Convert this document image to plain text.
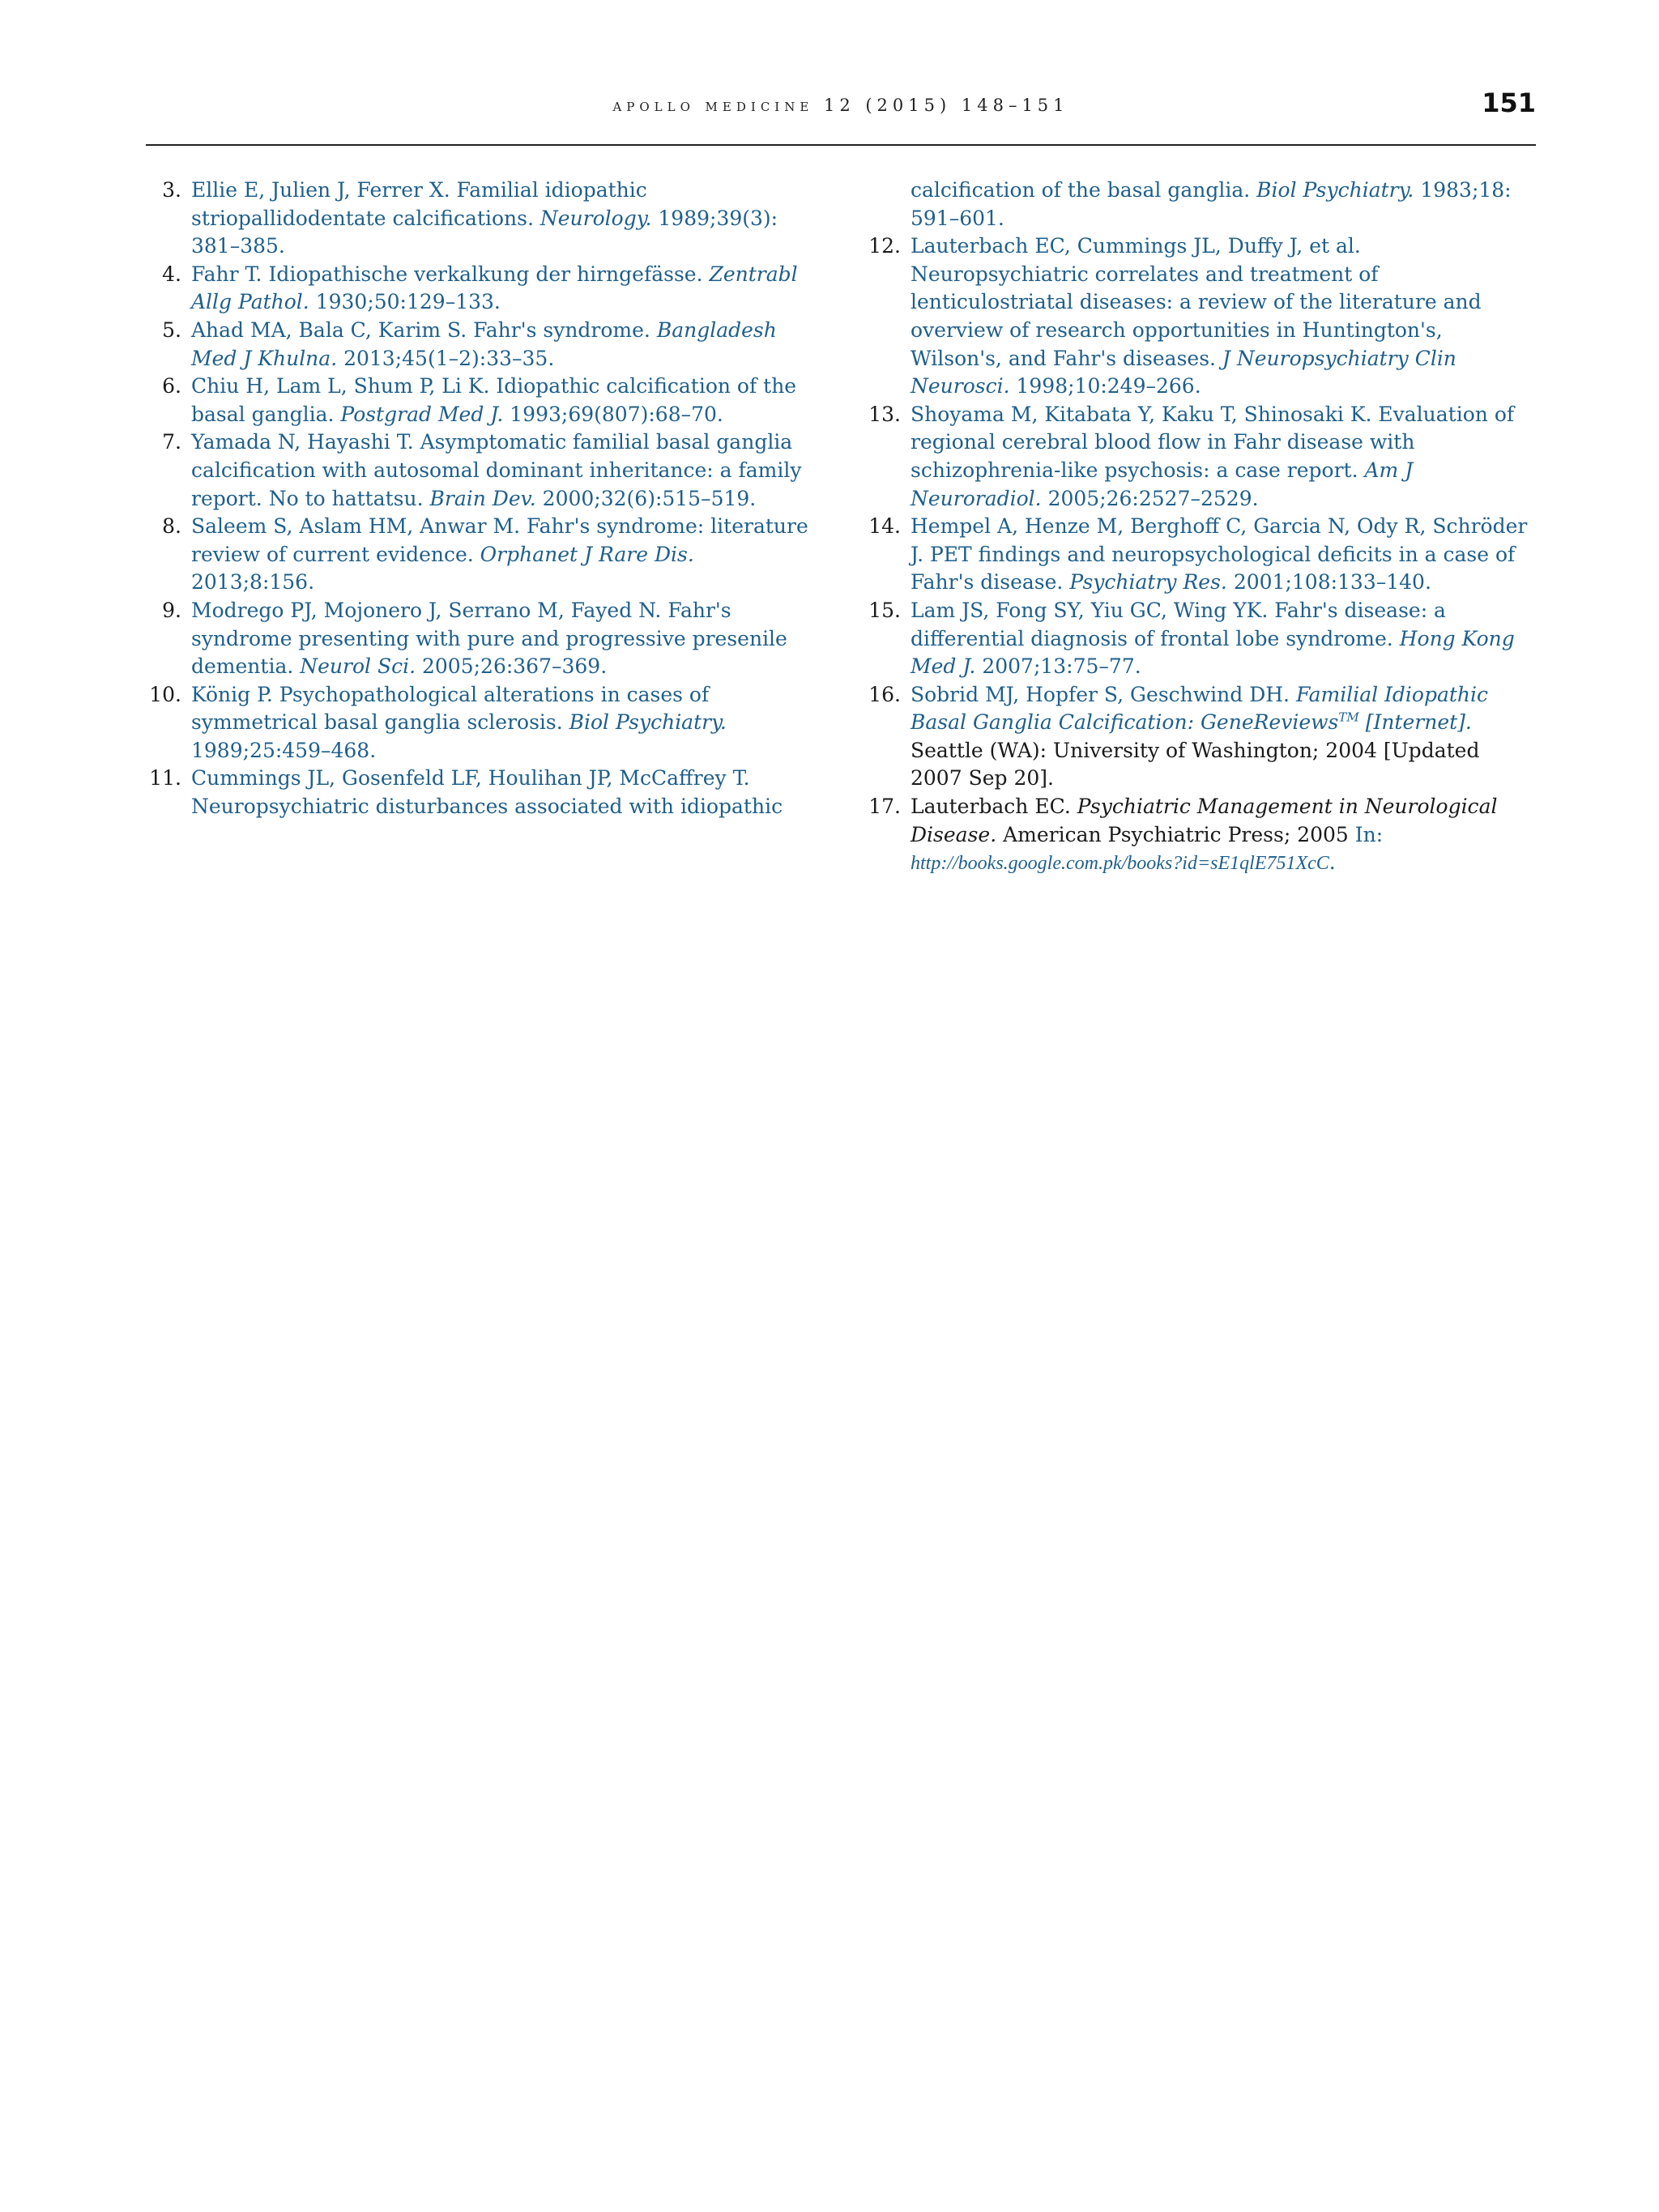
apollo medicine 12 (2015) 148–151	151
3. Ellie E, Julien J, Ferrer X. Familial idiopathic striopallidodentate calcifications. Neurology. 1989;39(3): 381–385.
4. Fahr T. Idiopathische verkalkung der hirngefässe. Zentrabl Allg Pathol. 1930;50:129–133.
5. Ahad MA, Bala C, Karim S. Fahr's syndrome. Bangladesh Med J Khulna. 2013;45(1–2):33–35.
6. Chiu H, Lam L, Shum P, Li K. Idiopathic calcification of the basal ganglia. Postgrad Med J. 1993;69(807):68–70.
7. Yamada N, Hayashi T. Asymptomatic familial basal ganglia calcification with autosomal dominant inheritance: a family report. No to hattatsu. Brain Dev. 2000;32(6):515–519.
8. Saleem S, Aslam HM, Anwar M. Fahr's syndrome: literature review of current evidence. Orphanet J Rare Dis. 2013;8:156.
9. Modrego PJ, Mojonero J, Serrano M, Fayed N. Fahr's syndrome presenting with pure and progressive presenile dementia. Neurol Sci. 2005;26:367–369.
10. König P. Psychopathological alterations in cases of symmetrical basal ganglia sclerosis. Biol Psychiatry. 1989;25:459–468.
11. Cummings JL, Gosenfeld LF, Houlihan JP, McCaffrey T. Neuropsychiatric disturbances associated with idiopathic
calcification of the basal ganglia. Biol Psychiatry. 1983;18: 591–601.
12. Lauterbach EC, Cummings JL, Duffy J, et al. Neuropsychiatric correlates and treatment of lenticulostriatal diseases: a review of the literature and overview of research opportunities in Huntington's, Wilson's, and Fahr's diseases. J Neuropsychiatry Clin Neurosci. 1998;10:249–266.
13. Shoyama M, Kitabata Y, Kaku T, Shinosaki K. Evaluation of regional cerebral blood flow in Fahr disease with schizophrenia-like psychosis: a case report. Am J Neuroradiol. 2005;26:2527–2529.
14. Hempel A, Henze M, Berghoff C, Garcia N, Ody R, Schröder J. PET findings and neuropsychological deficits in a case of Fahr's disease. Psychiatry Res. 2001;108:133–140.
15. Lam JS, Fong SY, Yiu GC, Wing YK. Fahr's disease: a differential diagnosis of frontal lobe syndrome. Hong Kong Med J. 2007;13:75–77.
16. Sobrid MJ, Hopfer S, Geschwind DH. Familial Idiopathic Basal Ganglia Calcification: GeneReviews™ [Internet]. Seattle (WA): University of Washington; 2004 [Updated 2007 Sep 20].
17. Lauterbach EC. Psychiatric Management in Neurological Disease. American Psychiatric Press; 2005 In: http://books.google.com.pk/books?id=sE1qlE751XcC.
